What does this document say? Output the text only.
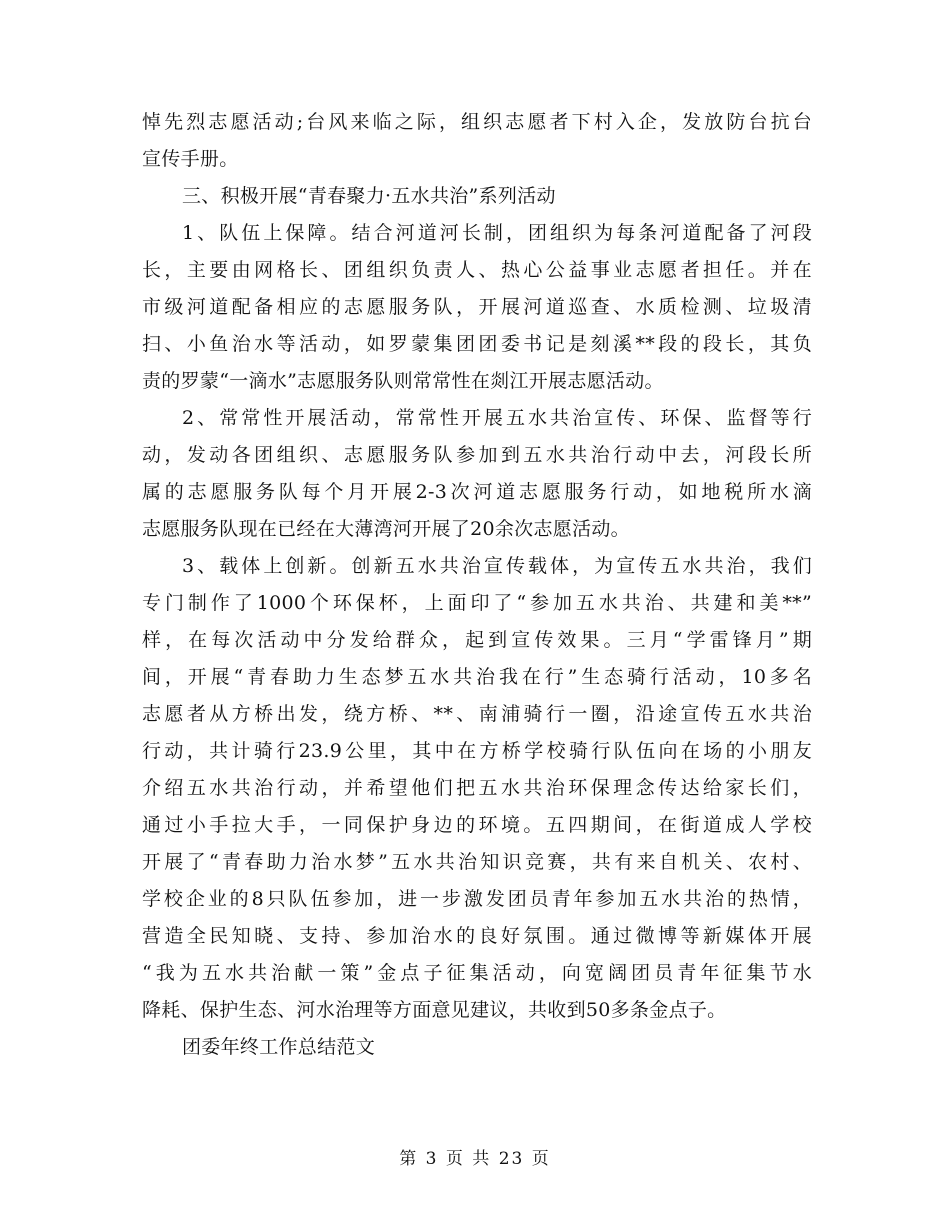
悼先烈志愿活动;台风来临之际，组织志愿者下村入企，发放防台抗台
宣传手册。
三、积极开展“青春聚力·五水共治”系列活动
1、队伍上保障。结合河道河长制，团组织为每条河道配备了河段
长，主要由网格长、团组织负责人、热心公益事业志愿者担任。并在
市级河道配备相应的志愿服务队，开展河道巡查、水质检测、垃圾清
扫、小鱼治水等活动，如罗蒙集团团委书记是刻溪**段的段长，其负
责的罗蒙“一滴水”志愿服务队则常常性在剡江开展志愿活动。
2、常常性开展活动，常常性开展五水共治宣传、环保、监督等行
动，发动各团组织、志愿服务队参加到五水共治行动中去，河段长所
属的志愿服务队每个月开展2-3次河道志愿服务行动，如地税所水滴
志愿服务队现在已经在大薄湾河开展了20余次志愿活动。
3、载体上创新。创新五水共治宣传载体，为宣传五水共治，我们
专门制作了1000个环保杯，上面印了“参加五水共治、共建和美**”
样，在每次活动中分发给群众，起到宣传效果。三月“学雷锋月”期
间，开展“青春助力生态梦五水共治我在行”生态骑行活动，10多名
志愿者从方桥出发，绕方桥、**、南浦骑行一圈，沿途宣传五水共治
行动，共计骑行23.9公里，其中在方桥学校骑行队伍向在场的小朋友
介绍五水共治行动，并希望他们把五水共治环保理念传达给家长们，
通过小手拉大手，一同保护身边的环境。五四期间，在街道成人学校
开展了“青春助力治水梦”五水共治知识竞赛，共有来自机关、农村、
学校企业的8只队伍参加，进一步激发团员青年参加五水共治的热情，
营造全民知晓、支持、参加治水的良好氛围。通过微博等新媒体开展
“我为五水共治献一策”金点子征集活动，向宽阔团员青年征集节水
降耗、保护生态、河水治理等方面意见建议，共收到50多条金点子。
团委年终工作总结范文
第 3 页 共 23 页
